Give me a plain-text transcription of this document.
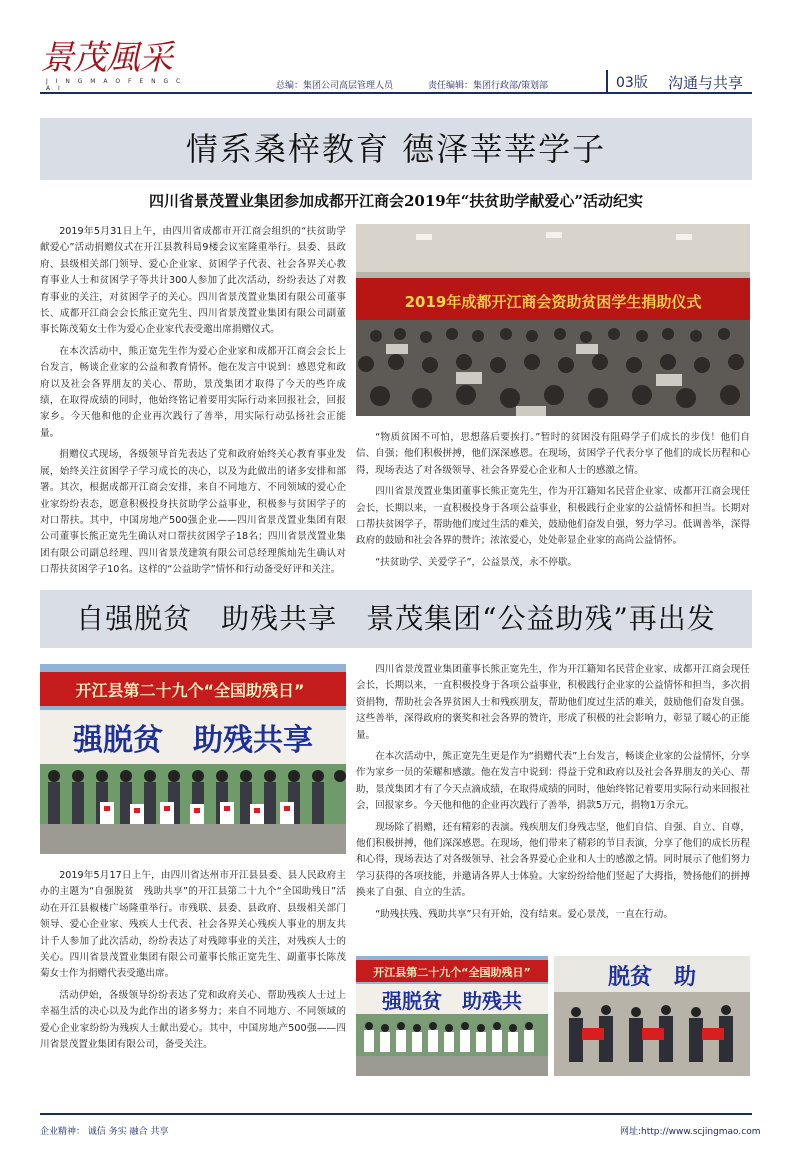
景茂風采
J I N G M A O F E N G C A I	总编：集团公司高层管理人员	责任编辑：集团行政部/策划部	03版 沟通与共享
情系桑梓教育 德泽莘莘学子
四川省景茂置业集团参加成都开江商会2019年“扶贫助学献爱心”活动纪实

2019年5月31日上午，由四川省成都市开江商会组织的“扶贫助学献爱心”活动捐赠仪式在开江县教科局9楼会议室隆重举行。县委、县政府、县级相关部门领导、爱心企业家、贫困学子代表、社会各界关心教育事业人士和贫困学子等共计300人参加了此次活动，纷纷表达了对教育事业的关注，对贫困学子的关心。四川省景茂置业集团有限公司董事长、成都开江商会会长熊正宽先生、四川省景茂置业集团有限公司副董事长陈茂菊女士作为爱心企业家代表受邀出席捐赠仪式。

在本次活动中，熊正宽先生作为爱心企业家和成都开江商会会长上台发言，畅谈企业家的公益和教育情怀。他在发言中说到：感恩党和政府以及社会各界朋友的关心、帮助，景茂集团才取得了今天的些许成绩，在取得成绩的同时，他始终铭记着要用实际行动来回报社会，回报家乡。今天他和他的企业再次践行了善举，用实际行动弘扬社会正能量。

捐赠仪式现场，各级领导首先表达了党和政府始终关心教育事业发展，始终关注贫困学子学习成长的决心，以及为此做出的诸多安排和部署。其次，根据成都开江商会安排，来自不同地方、不同领域的爱心企业家纷纷表态，愿意积极投身扶贫助学公益事业，积极参与贫困学子的对口帮扶。其中，中国房地产500强企业——四川省景茂置业集团有限公司董事长熊正宽先生确认对口帮扶贫困学子18名；四川省景茂置业集团有限公司副总经理、四川省景茂建筑有限公司总经理熊灿先生确认对口帮扶贫困学子10名。这样的“公益助学”情怀和行动备受好评和关注。

2019年成都开江商会资助贫困学生捐助仪式

“物质贫困不可怕，思想落后要挨打。”暂时的贫困没有阻碍学子们成长的步伐！他们自信、自强；他们积极拼搏，他们深深感恩。在现场，贫困学子代表分享了他们的成长历程和心得，现场表达了对各级领导、社会各界爱心企业和人士的感激之情。

四川省景茂置业集团董事长熊正宽先生，作为开江籍知名民营企业家、成都开江商会现任会长，长期以来，一直积极投身于各项公益事业，积极践行企业家的公益情怀和担当。长期对口帮扶贫困学子，帮助他们度过生活的难关，鼓励他们奋发自强，努力学习。低调善举，深得政府的鼓励和社会各界的赞许；浓浓爱心，处处彰显企业家的高尚公益情怀。

“扶贫助学、关爱学子”，公益景茂，永不停歇。

自强脱贫　助残共享　景茂集团“公益助残”再出发
开江县第二十九个“全国助残日”
强脱贫　助残共享

2019年5月17日上午，由四川省达州市开江县县委、县人民政府主办的主题为“自强脱贫　残助共享”的开江县第二十九个“全国助残日”活动在开江县椒楼广场隆重举行。市残联、县委、县政府、县级相关部门领导、爱心企业家、残疾人士代表、社会各界关心残疾人事业的朋友共计千人参加了此次活动，纷纷表达了对残障事业的关注，对残疾人士的关心。四川省景茂置业集团有限公司董事长熊正宽先生、副董事长陈茂菊女士作为捐赠代表受邀出席。

活动伊始，各级领导纷纷表达了党和政府关心、帮助残疾人士过上幸福生活的决心以及为此作出的诸多努力；来自不同地方、不同领域的爱心企业家纷纷为残疾人士献出爱心。其中，中国房地产500强——四川省景茂置业集团有限公司，备受关注。

四川省景茂置业集团董事长熊正宽先生，作为开江籍知名民营企业家、成都开江商会现任会长，长期以来，一直积极投身于各项公益事业，积极践行企业家的公益情怀和担当，多次捐资捐物，帮助社会各界贫困人士和残疾朋友，帮助他们度过生活的难关，鼓励他们奋发自强。这些善举，深得政府的褒奖和社会各界的赞许，形成了积极的社会影响力，彰显了暖心的正能量。

在本次活动中，熊正宽先生更是作为“捐赠代表”上台发言，畅谈企业家的公益情怀，分享作为家乡一员的荣耀和感激。他在发言中说到：得益于党和政府以及社会各界朋友的关心、帮助，景茂集团才有了今天点滴成绩，在取得成绩的同时，他始终铭记着要用实际行动来回报社会，回报家乡。今天他和他的企业再次践行了善举，捐款5万元，捐物1万余元。

现场除了捐赠，还有精彩的表演。残疾朋友们身残志坚，他们自信、自强、自立、自尊，他们积极拼搏，他们深深感恩。在现场，他们带来了精彩的节目表演，分享了他们的成长历程和心得，现场表达了对各级领导、社会各界爱心企业和人士的感激之情。同时展示了他们努力学习获得的各项技能，并邀请各界人士体验。大家纷纷给他们竖起了大拇指，赞扬他们的拼搏换来了自强、自立的生活。

“助残扶残、残助共享”只有开始，没有结束。爱心景茂，一直在行动。

开江县第二十九个“全国助残日”
强脱贫　助残共
脱贫　助
企业精神： 诚信 务实 融合 共享	网址:http://www.scjingmao.com
